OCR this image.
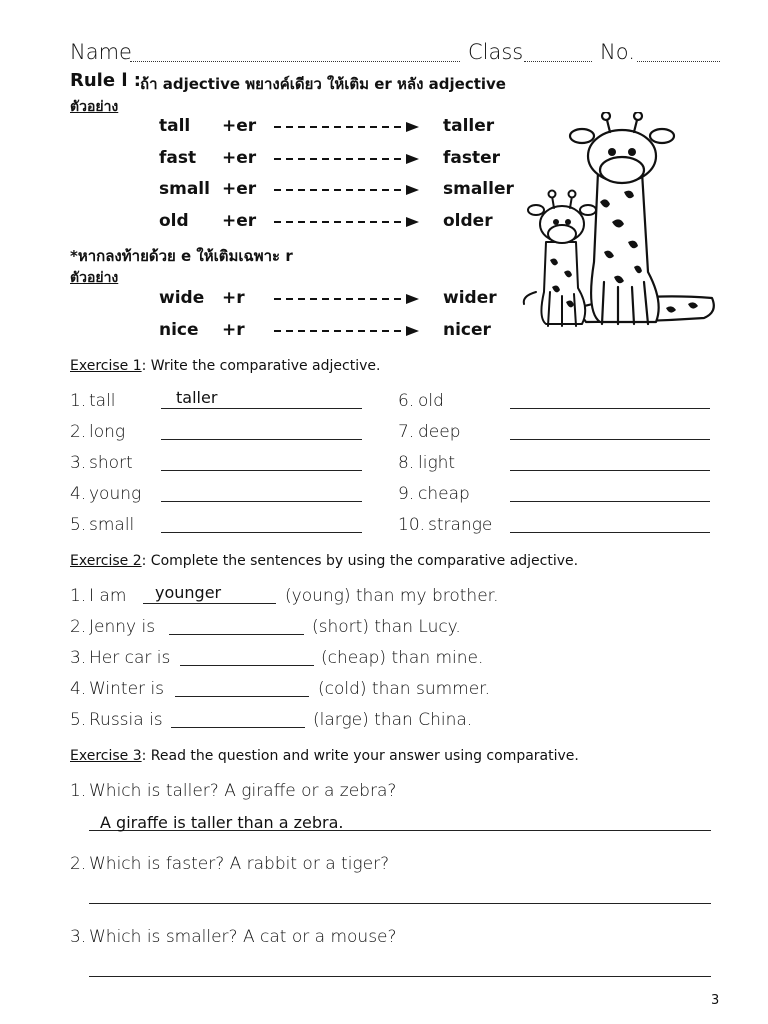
Name	Class	No.
Rule l : ถ้า adjective พยางค์เดียว ให้เติม er หลัง adjective
ตัวอย่าง
tall +er	taller
fast +er	faster
small +er	smaller
old +er	older
*หากลงท้ายด้วย e ให้เติมเฉพาะ r
ตัวอย่าง
wide +r	wider
nice +r	nicer
Exercise 1: Write the comparative adjective.
1. tall	taller
2. long
3. short
4. young
5. small
6. old
7. deep
8. light
9. cheap
10. strange
Exercise 2: Complete the sentences by using the comparative adjective.
1. I am younger	(young) than my brother.
2. Jenny is	(short) than Lucy.
3. Her car is	(cheap) than mine.
4. Winter is	(cold) than summer.
5. Russia is	(large) than China.
Exercise 3: Read the question and write your answer using comparative.
1. Which is taller? A giraffe or a zebra?
A giraffe is taller than a zebra.
2. Which is faster? A rabbit or a tiger?
3. Which is smaller? A cat or a mouse?
3
